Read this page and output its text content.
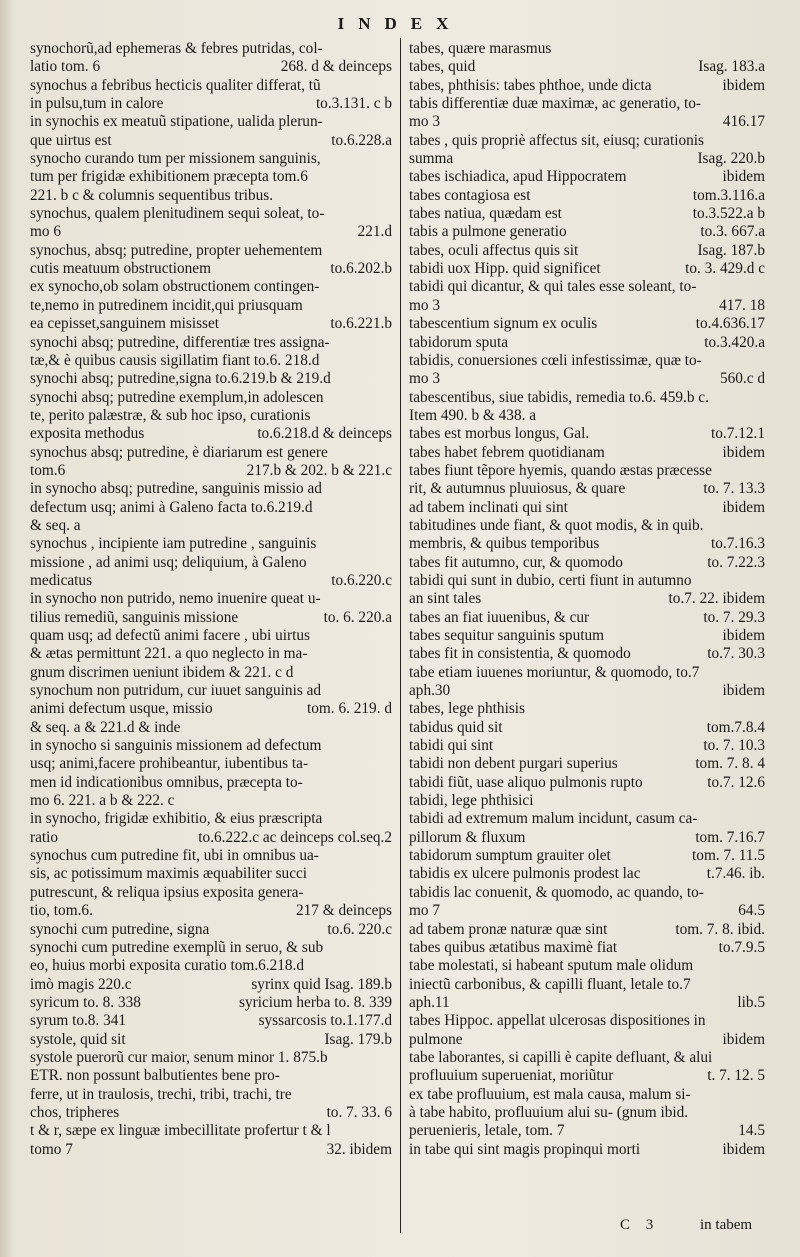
INDEX
synochorũ,ad ephemeras & febres putridas, col-
latio tom. 6	268. d & deinceps
synochus a febribus hecticis qualiter differat, tũ
in pulsu,tum in calore	to.3.131. c b
in synochis ex meatuũ stipatione, ualida plerun-
que uirtus est	to.6.228.a
synocho curando tum per missionem sanguinis,
tum per frigidæ exhibitionem præcepta tom.6
221. b c & columnis sequentibus tribus.
synochus, qualem plenitudinem sequi soleat, to-
mo 6	221.d
synochus, absq; putredine, propter uehementem
cutis meatuum obstructionem	to.6.202.b
ex synocho,ob solam obstructionem contingen-
te,nemo in putredinem incidit,qui priusquam
ea cepisset,sanguinem misisset	to.6.221.b
synochi absq; putredine, differentiæ tres assigna-
tæ,& è quibus causis sigillatim fiant to.6. 218.d
synochi absq; putredine,signa to.6.219.b & 219.d
synochi absq; putredine exemplum,in adolescen
te, perito palæstræ, & sub hoc ipso, curationis
exposita methodus	to.6.218.d & deinceps
synochus absq; putredine, è diariarum est genere
tom.6	217.b & 202. b & 221.c
in synocho absq; putredine, sanguinis missio ad
defectum usq; animi à Galeno facta to.6.219.d
& seq. a
synochus , incipiente iam putredine , sanguinis
missione , ad animi usq; deliquium, à Galeno
medicatus	to.6.220.c
in synocho non putrido, nemo inuenire queat u-
tilius remediũ, sanguinis missione	to. 6. 220.a
quam usq; ad defectũ animi facere , ubi uirtus
& ætas permittunt 221. a quo neglecto in ma-
gnum discrimen ueniunt ibidem & 221. c d
synochum non putridum, cur iuuet sanguinis ad
animi defectum usque, missio	tom. 6. 219. d
& seq. a & 221.d & inde
in synocho si sanguinis missionem ad defectum
usq; animi,facere prohibeantur, iubentibus ta-
men id indicationibus omnibus, præcepta to-
mo 6. 221. a b & 222. c
in synocho, frigidæ exhibitio, & eius præscripta
ratio	to.6.222.c ac deinceps col.seq.2
synochus cum putredine fit, ubi in omnibus ua-
sis, ac potissimum maximis æquabiliter succi
putrescunt, & reliqua ipsius exposita genera-
tio, tom.6.	217 & deinceps
synochi cum putredine, signa	to.6. 220.c
synochi cum putredine exemplũ in seruo, & sub
eo, huius morbi exposita curatio tom.6.218.d
imò magis 220.c	syrinx quid Isag. 189.b
syricum to. 8. 338	syricium herba to. 8. 339
syrum to.8. 341	syssarcosis to.1.177.d
systole, quid sit	Isag. 179.b
systole puerorũ cur maior, senum minor 1. 875.b
ETR. non possunt balbutientes bene pro-
ferre, ut in traulosis, trechi, tribi, trachi, tre
chos, tripheres	to. 7. 33. 6
t & r, sæpe ex linguæ imbecillitate profertur t & l
tomo 7	32. ibidem
tabes, quære marasmus
tabes, quid	Isag. 183.a
tabes, phthisis: tabes phthoe, unde dicta	ibidem
tabis differentiæ duæ maximæ, ac generatio, to-
mo 3	416.17
tabes , quis propriè affectus sit, eiusq; curationis
summa	Isag. 220.b
tabes ischiadica, apud Hippocratem	ibidem
tabes contagiosa est	tom.3.116.a
tabes natiua, quædam est	to.3.522.a b
tabis a pulmone generatio	to.3. 667.a
tabes, oculi affectus quis sit	Isag. 187.b
tabidi uox Hipp. quid significet	to. 3. 429.d c
tabidi qui dicantur, & qui tales esse soleant, to-
mo 3	417. 18
tabescentium signum ex oculis	to.4.636.17
tabidorum sputa	to.3.420.a
tabidis, conuersiones cœli infestissimæ, quæ to-
mo 3	560.c d
tabescentibus, siue tabidis, remedia to.6. 459.b c.
Item 490. b & 438. a
tabes est morbus longus, Gal.	to.7.12.1
tabes habet febrem quotidianam	ibidem
tabes fiunt tẽpore hyemis, quando æstas præcesse
rit, & autumnus pluuiosus, & quare	to. 7. 13.3
ad tabem inclinati qui sint	ibidem
tabitudines unde fiant, & quot modis, & in quib.
membris, & quibus temporibus	to.7.16.3
tabes fit autumno, cur, & quomodo	to. 7.22.3
tabidi qui sunt in dubio, certi fiunt in autumno
an sint tales	to.7. 22. ibidem
tabes an fiat iuuenibus, & cur	to. 7. 29.3
tabes sequitur sanguinis sputum	ibidem
tabes fit in consistentia, & quomodo	to.7. 30.3
tabe etiam iuuenes moriuntur, & quomodo, to.7
aph.30	ibidem
tabes, lege phthisis
tabidus quid sit	tom.7.8.4
tabidi qui sint	to. 7. 10.3
tabidi non debent purgari superius	tom. 7. 8. 4
tabidi fiũt, uase aliquo pulmonis rupto	to.7. 12.6
tabidi, lege phthisici
tabidi ad extremum malum incidunt, casum ca-
pillorum & fluxum	tom. 7.16.7
tabidorum sumptum grauiter olet	tom. 7. 11.5
tabidis ex ulcere pulmonis prodest lac	t.7.46. ib.
tabidis lac conuenit, & quomodo, ac quando, to-
mo 7	64.5
ad tabem pronæ naturæ quæ sint	tom. 7. 8. ibid.
tabes quibus ætatibus maximè fiat	to.7.9.5
tabe molestati, si habeant sputum male olidum
iniectũ carbonibus, & capilli fluant, letale to.7
aph.11	lib.5
tabes Hippoc. appellat ulcerosas dispositiones in
pulmone	ibidem
tabe laborantes, si capilli è capite defluant, & alui
profluuium superueniat, moriũtur	t. 7. 12. 5
ex tabe profluuium, est mala causa, malum si-
à tabe habito, profluuium alui su- (gnum ibid.
peruenieris, letale, tom. 7	14.5
in tabe qui sint magis propinqui morti	ibidem
C 3	in tabem
